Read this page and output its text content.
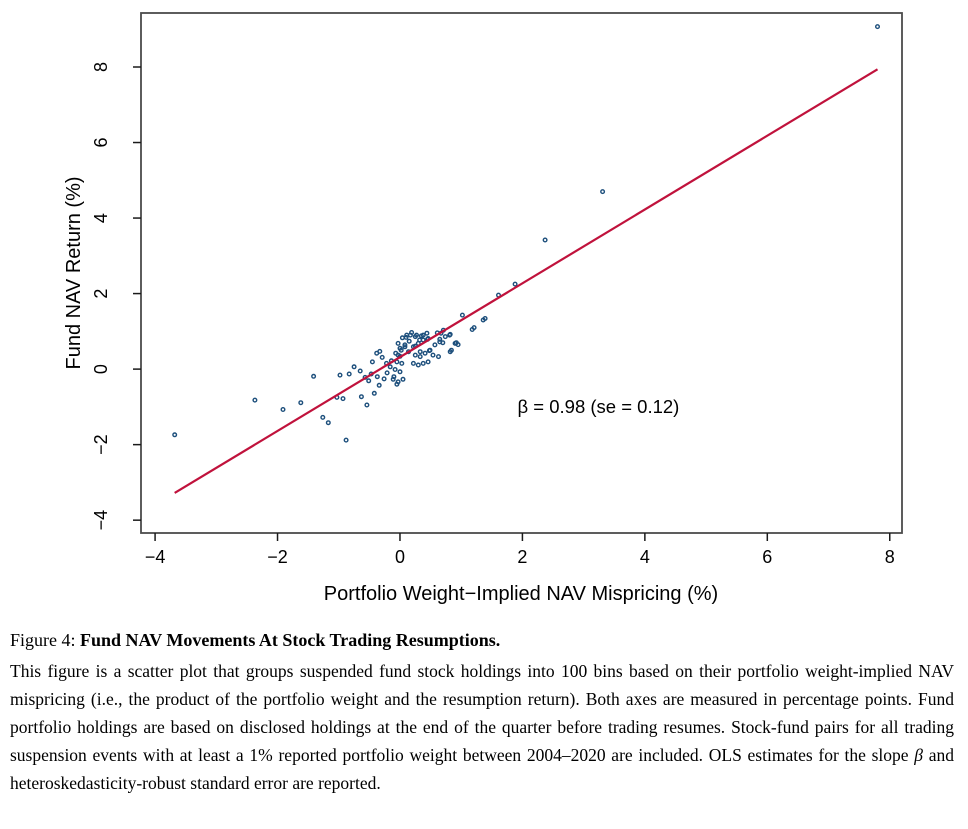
−4	−2	0	2	4	6	8
−4
−2
0
2
4
6
8
β = 0.98 (se = 0.12)
Portfolio Weight−Implied NAV Mispricing (%)
Fund NAV Return (%)

Figure 4: Fund NAV Movements At Stock Trading Resumptions.

This figure is a scatter plot that groups suspended fund stock holdings into 100 bins based on their portfolio weight-implied NAV mispricing (i.e., the product of the portfolio weight and the resumption return). Both axes are measured in percentage points. Fund portfolio holdings are based on disclosed holdings at the end of the quarter before trading resumes. Stock-fund pairs for all trading suspension events with at least a 1% reported portfolio weight between 2004–2020 are included. OLS estimates for the slope β and heteroskedasticity-robust standard error are reported.
